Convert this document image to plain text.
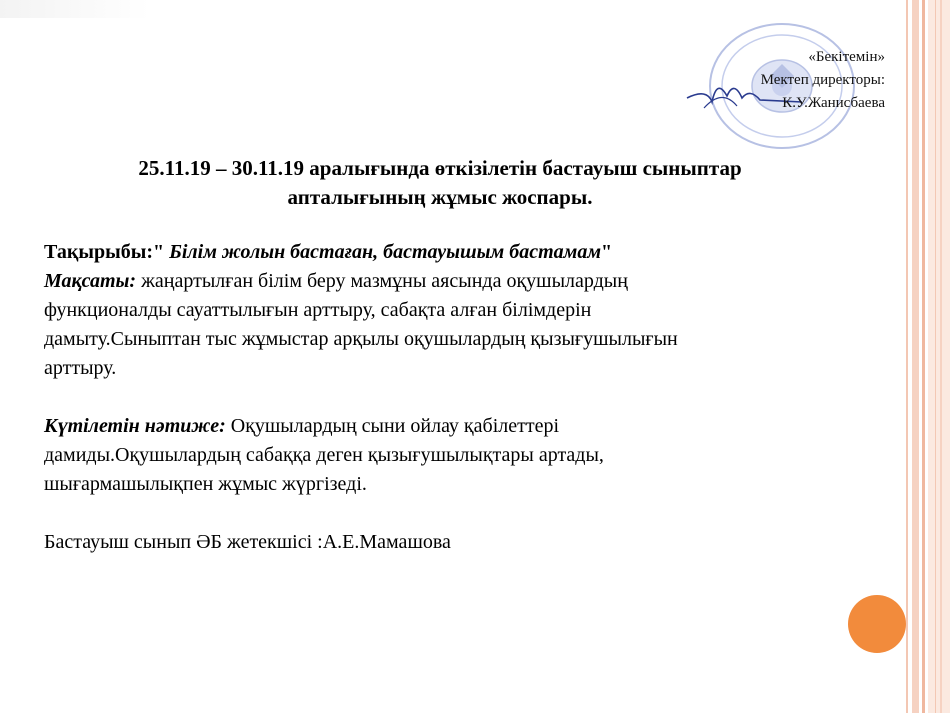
«Бекітемін»
Мектеп директоры:
К.У.Жанисбаева
25.11.19 – 30.11.19 аралығында өткізілетін бастауыш сыныптар
апталығының жұмыс жоспары.
Тақырыбы:" Білім жолын бастаған, бастауышым бастамам"
Мақсаты: жаңартылған білім беру мазмұны аясында оқушылардың
функционалды сауаттылығын арттыру, сабақта алған білімдерін
дамыту.Сыныптан тыс жұмыстар арқылы оқушылардың қызығушылығын
арттыру.
Күтілетін нәтиже: Оқушылардың сыни ойлау қабілеттері
дамиды.Оқушылардың сабаққа деген қызығушылықтары артады,
шығармашылықпен жұмыс жүргізеді.
Бастауыш сынып ӘБ жетекшісі :А.Е.Мамашова
